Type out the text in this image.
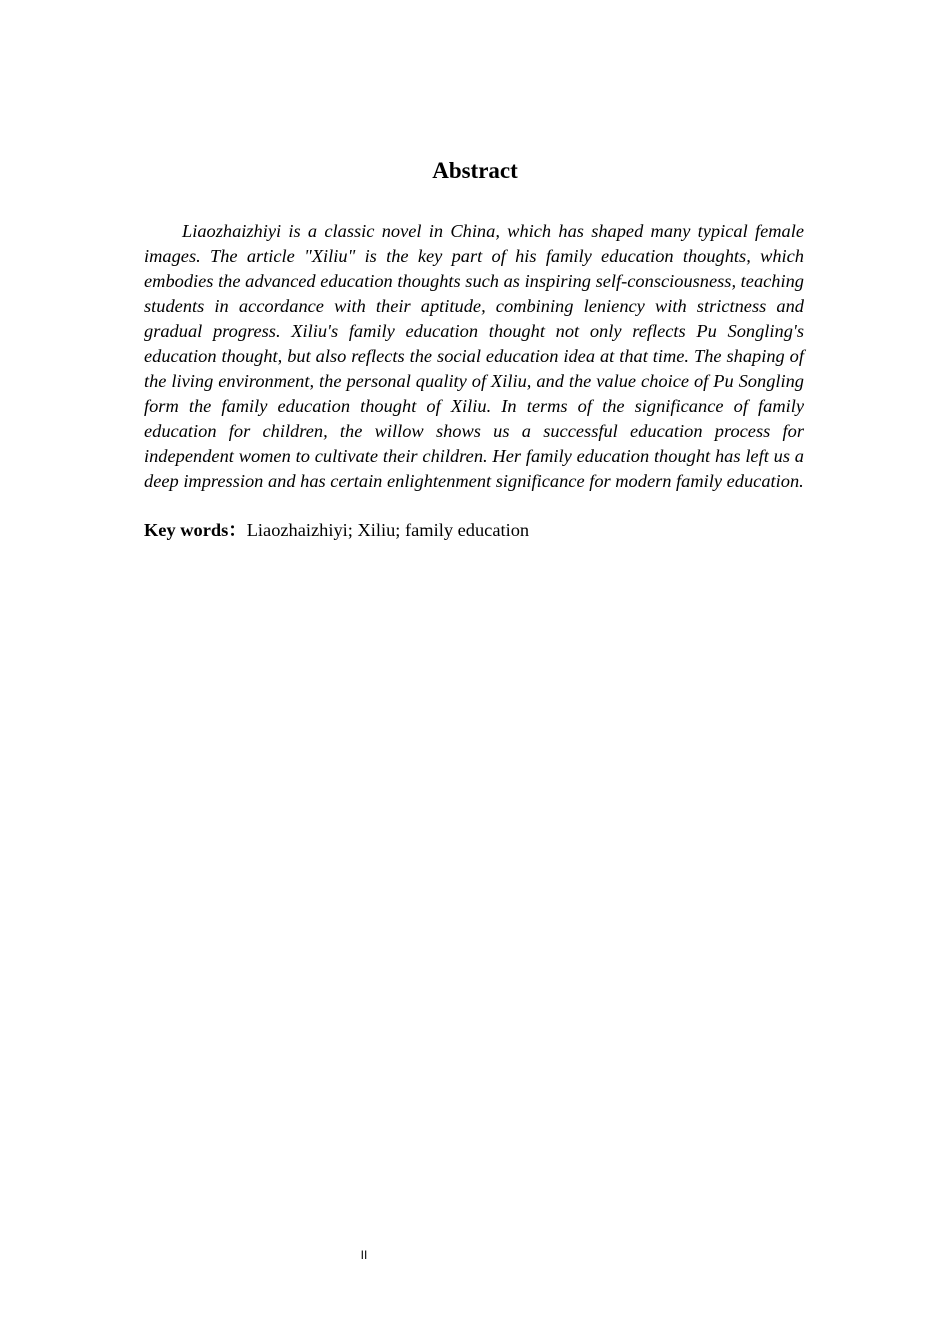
Abstract

Liaozhaizhiyi is a classic novel in China, which has shaped many typical female images. The article "Xiliu" is the key part of his family education thoughts, which embodies the advanced education thoughts such as inspiring self-consciousness, teaching students in accordance with their aptitude, combining leniency with strictness and gradual progress. Xiliu's family education thought not only reflects Pu Songling's education thought, but also reflects the social education idea at that time. The shaping of the living environment, the personal quality of Xiliu, and the value choice of Pu Songling form the family education thought of Xiliu. In terms of the significance of family education for children, the willow shows us a successful education process for independent women to cultivate their children. Her family education thought has left us a deep impression and has certain enlightenment significance for modern family education.

Key words：Liaozhaizhiyi; Xiliu; family education

II
